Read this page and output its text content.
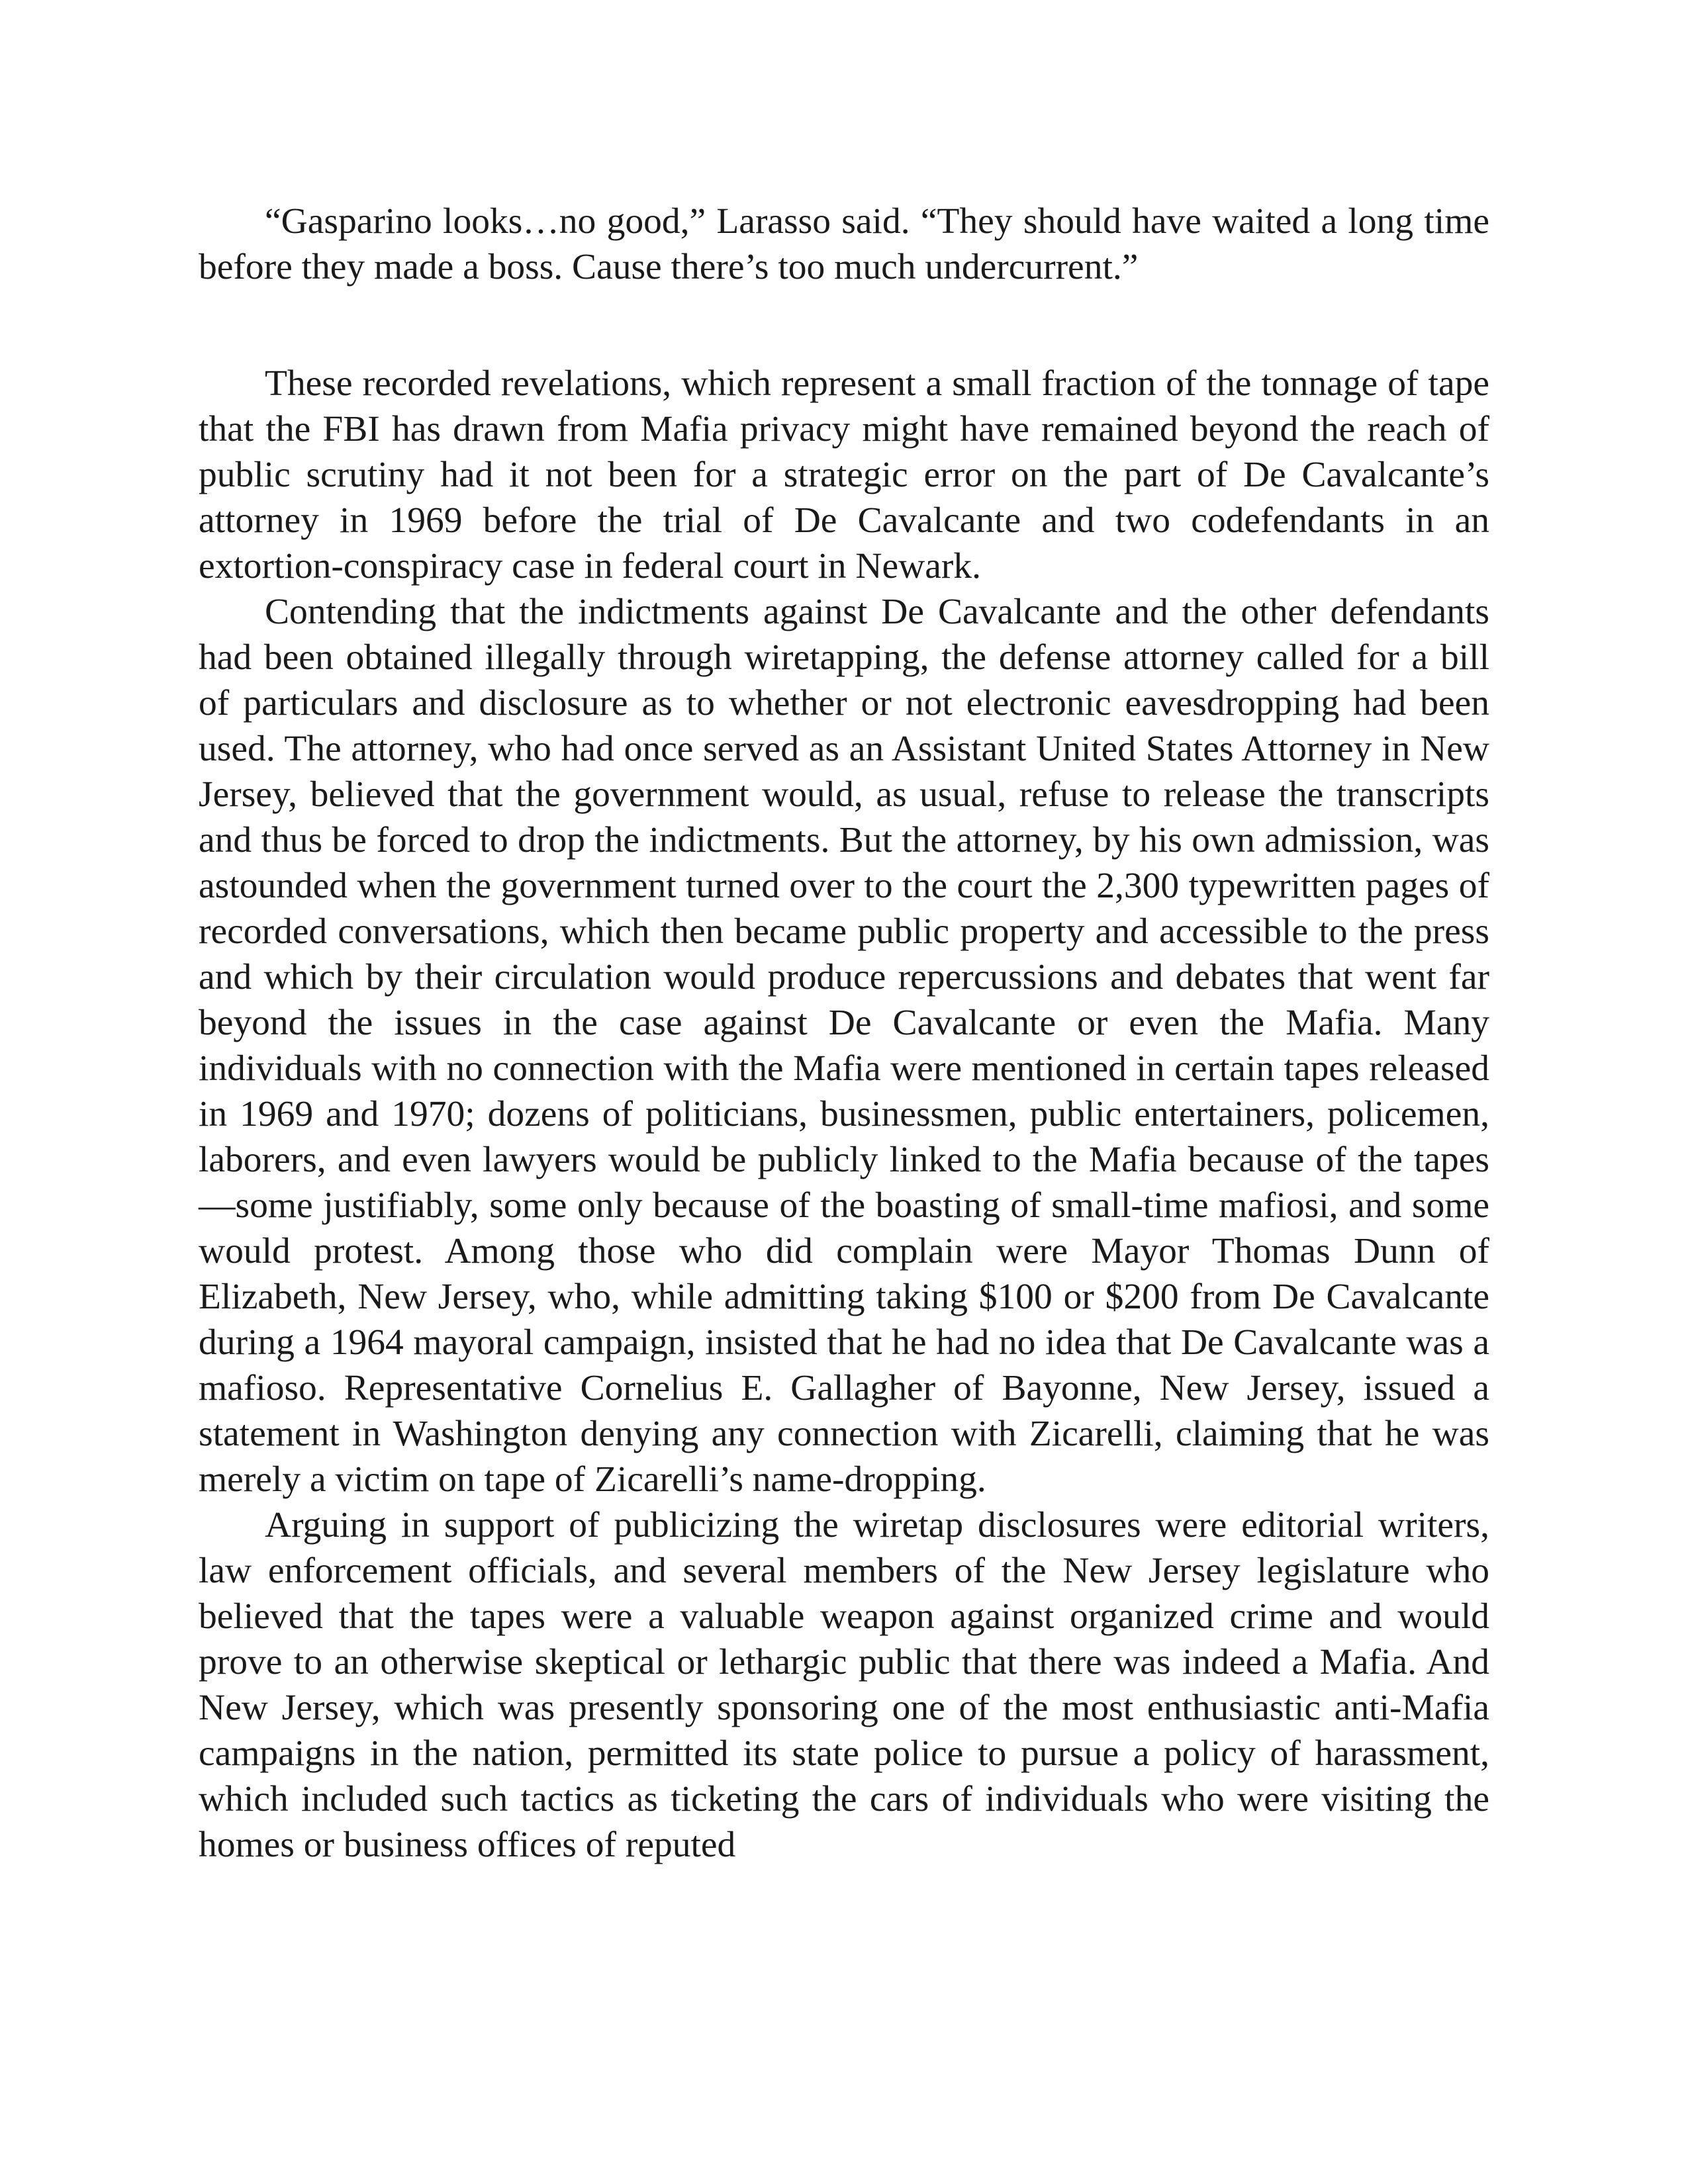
“Gasparino looks…no good,” Larasso said. “They should have waited a long time before they made a boss. Cause there’s too much undercurrent.”

These recorded revelations, which represent a small fraction of the tonnage of tape that the FBI has drawn from Mafia privacy might have remained beyond the reach of public scrutiny had it not been for a strategic error on the part of De Cavalcante’s attorney in 1969 before the trial of De Cavalcante and two codefendants in an extortion-conspiracy case in federal court in Newark.

Contending that the indictments against De Cavalcante and the other defendants had been obtained illegally through wiretapping, the defense attorney called for a bill of particulars and disclosure as to whether or not electronic eavesdropping had been used. The attorney, who had once served as an Assistant United States Attorney in New Jersey, believed that the government would, as usual, refuse to release the transcripts and thus be forced to drop the indictments. But the attorney, by his own admission, was astounded when the government turned over to the court the 2,300 typewritten pages of recorded conversations, which then became public property and accessible to the press and which by their circulation would produce repercussions and debates that went far beyond the issues in the case against De Cavalcante or even the Mafia. Many individuals with no connection with the Mafia were mentioned in certain tapes released in 1969 and 1970; dozens of politicians, businessmen, public entertainers, policemen, laborers, and even lawyers would be publicly linked to the Mafia because of the tapes—some justifiably, some only because of the boasting of small-time mafiosi, and some would protest. Among those who did complain were Mayor Thomas Dunn of Elizabeth, New Jersey, who, while admitting taking $100 or $200 from De Cavalcante during a 1964 mayoral campaign, insisted that he had no idea that De Cavalcante was a mafioso. Representative Cornelius E. Gallagher of Bayonne, New Jersey, issued a statement in Washington denying any connection with Zicarelli, claiming that he was merely a victim on tape of Zicarelli’s name-dropping.

Arguing in support of publicizing the wiretap disclosures were editorial writers, law enforcement officials, and several members of the New Jersey legislature who believed that the tapes were a valuable weapon against organized crime and would prove to an otherwise skeptical or lethargic public that there was indeed a Mafia. And New Jersey, which was presently sponsoring one of the most enthusiastic anti-Mafia campaigns in the nation, permitted its state police to pursue a policy of harassment, which included such tactics as ticketing the cars of individuals who were visiting the homes or business offices of reputed
